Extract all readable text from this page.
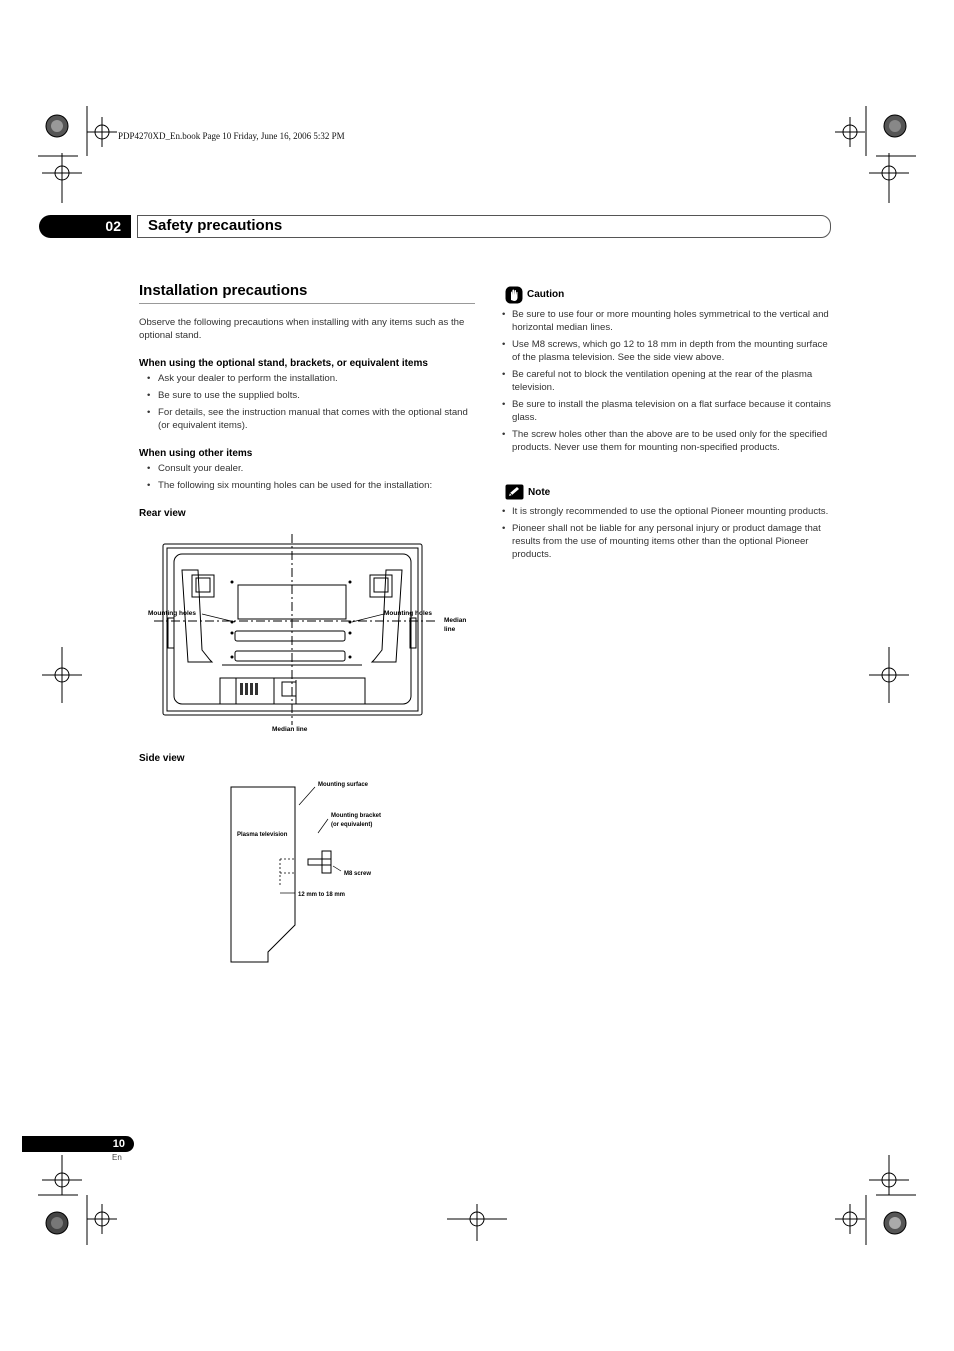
PDP4270XD_En.book Page 10 Friday, June 16, 2006 5:32 PM
02	Safety precautions
Installation precautions
Observe the following precautions when installing with any items such as the optional stand.
When using the optional stand, brackets, or equivalent items
• Ask your dealer to perform the installation.
• Be sure to use the supplied bolts.
• For details, see the instruction manual that comes with the optional stand (or equivalent items).
When using other items
• Consult your dealer.
• The following six mounting holes can be used for the installation:
Rear view
Mounting holes	Mounting holes
Median
line
Median line
Side view
Mounting surface
Mounting bracket
(or equivalent)
Plasma television
M8 screw
12 mm to 18 mm
Caution
• Be sure to use four or more mounting holes symmetrical to the vertical and horizontal median lines.
• Use M8 screws, which go 12 to 18 mm in depth from the mounting surface of the plasma television. See the side view above.
• Be careful not to block the ventilation opening at the rear of the plasma television.
• Be sure to install the plasma television on a flat surface because it contains glass.
• The screw holes other than the above are to be used only for the specified products. Never use them for mounting non-specified products.
Note
• It is strongly recommended to use the optional Pioneer mounting products.
• Pioneer shall not be liable for any personal injury or product damage that results from the use of mounting items other than the optional Pioneer products.
10
En
